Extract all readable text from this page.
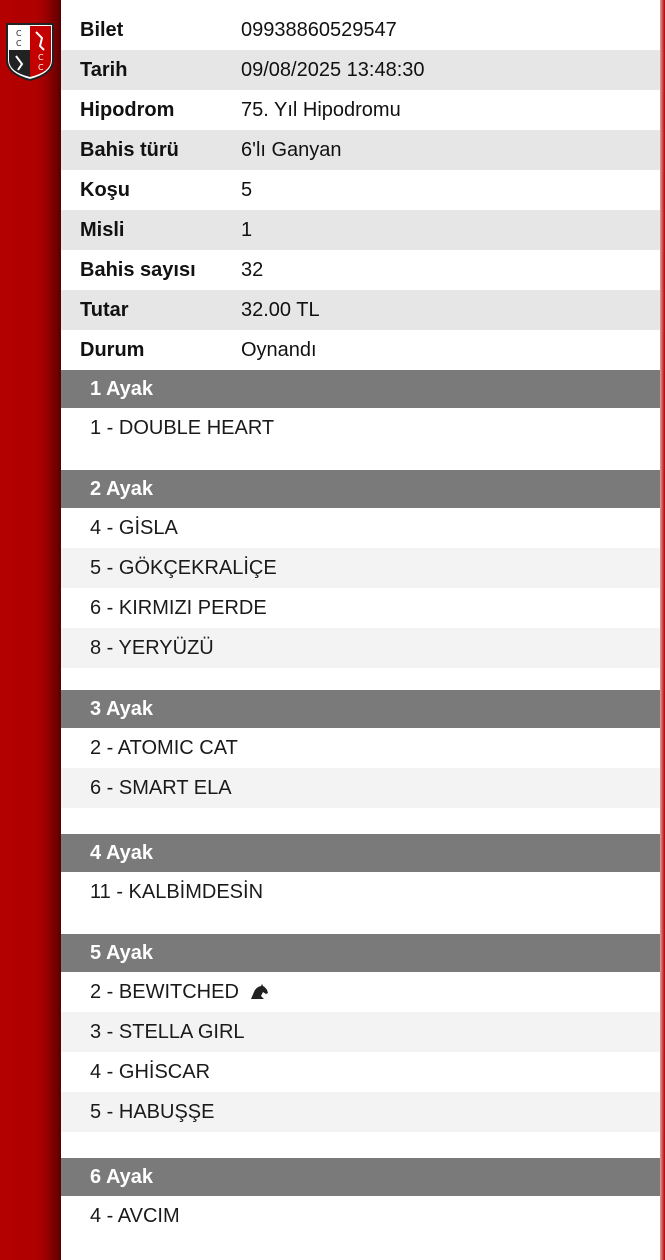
C
C
C
C
Bilet	09938860529547
Tarih	09/08/2025 13:48:30
Hipodrom	75. Yıl Hipodromu
Bahis türü	6'lı Ganyan
Koşu	5
Misli	1
Bahis sayısı	32
Tutar	32.00 TL
Durum	Oynandı
1 Ayak
1 - DOUBLE HEART
2 Ayak
4 - GİSLA
5 - GÖKÇEKRALİÇE
6 - KIRMIZI PERDE
8 - YERYÜZÜ
3 Ayak
2 - ATOMIC CAT
6 - SMART ELA
4 Ayak
11 - KALBİMDESİN
5 Ayak
2 - BEWITCHED
3 - STELLA GIRL
4 - GHİSCAR
5 - HABUŞŞE
6 Ayak
4 - AVCIM
